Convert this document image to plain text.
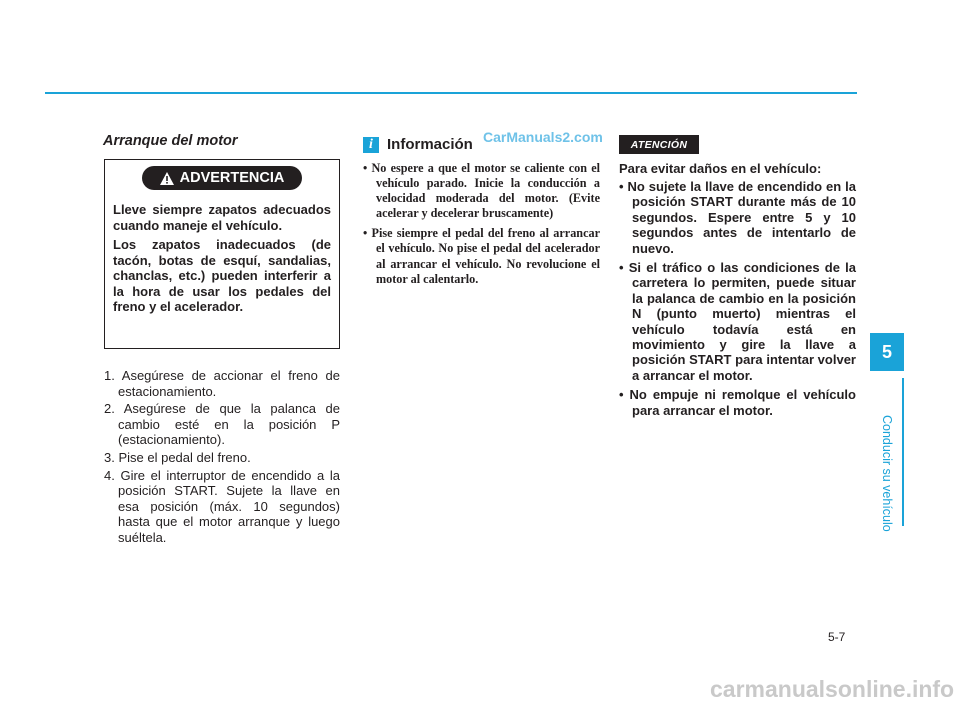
Arranque del motor
ADVERTENCIA

Lleve siempre zapatos adecuados cuando maneje el vehículo.

Los zapatos inadecuados (de tacón, botas de esquí, sandalias, chanclas, etc.) pueden interferir a la hora de usar los pedales del freno y el acelerador.

1. Asegúrese de accionar el freno de estacionamiento.
2. Asegúrese de que la palanca de cambio esté en la posición P (estacionamiento).
3. Pise el pedal del freno.
4. Gire el interruptor de encendido a la posición START. Sujete la llave en esa posición (máx. 10 segundos) hasta que el motor arranque y luego suéltela.
i Información CarManuals2.com
• No espere a que el motor se caliente con el vehículo parado. Inicie la conducción a velocidad moderada del motor. (Evite acelerar y decelerar bruscamente)
• Pise siempre el pedal del freno al arrancar el vehículo. No pise el pedal del acelerador al arrancar el vehículo. No revolucione el motor al calentarlo.
ATENCIÓN
Para evitar daños en el vehículo:
• No sujete la llave de encendido en la posición START durante más de 10 segundos. Espere entre 5 y 10 segundos antes de intentarlo de nuevo.
• Si el tráfico o las condiciones de la carretera lo permiten, puede situar la palanca de cambio en la posición N (punto muerto) mientras el vehículo todavía está en movimiento y gire la llave a posición START para intentar volver a arrancar el motor.
• No empuje ni remolque el vehículo para arrancar el motor.
5
Conducir su vehículo
5-7
carmanualsonline.info
